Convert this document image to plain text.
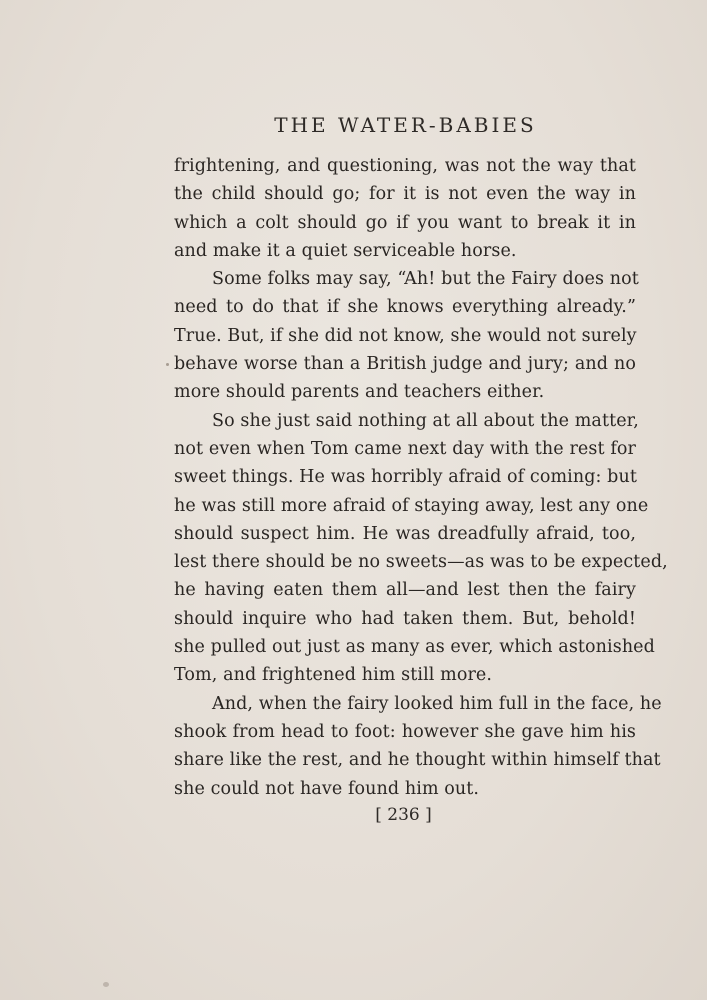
THE WATER-BABIES
frightening, and questioning, was not the way that
the child should go; for it is not even the way in
which a colt should go if you want to break it in
and make it a quiet serviceable horse.
Some folks may say, “Ah! but the Fairy does not
need to do that if she knows everything already.”
True. But, if she did not know, she would not surely
behave worse than a British judge and jury; and no
more should parents and teachers either.
So she just said nothing at all about the matter,
not even when Tom came next day with the rest for
sweet things. He was horribly afraid of coming: but
he was still more afraid of staying away, lest any one
should suspect him. He was dreadfully afraid, too,
lest there should be no sweets—as was to be expected,
he having eaten them all—and lest then the fairy
should inquire who had taken them. But, behold!
she pulled out just as many as ever, which astonished
Tom, and frightened him still more.
And, when the fairy looked him full in the face, he
shook from head to foot: however she gave him his
share like the rest, and he thought within himself that
she could not have found him out.
[ 236 ]
